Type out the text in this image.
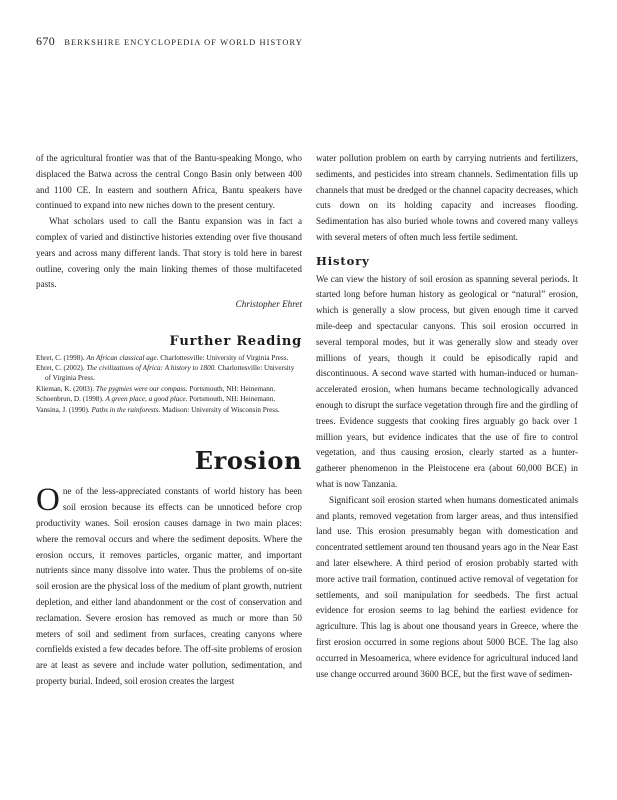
670 BERKSHIRE ENCYCLOPEDIA OF WORLD HISTORY

of the agricultural frontier was that of the Bantu-speaking Mongo, who displaced the Batwa across the central Congo Basin only between 400 and 1100 CE. In eastern and southern Africa, Bantu speakers have continued to expand into new niches down to the present century.

What scholars used to call the Bantu expansion was in fact a complex of varied and distinctive histories extending over five thousand years and across many different lands. That story is told here in barest outline, covering only the main linking themes of those multifaceted pasts.

Christopher Ehret

Further Reading
Ehret, C. (1998). An African classical age. Charlottesville: University of Virginia Press.
Ehret, C. (2002). The civilizations of Africa: A history to 1800. Charlottesville: University of Virginia Press.
Klieman, K. (2003). The pygmies were our compass. Portsmouth, NH: Heinemann.
Schoenbrun, D. (1998). A green place, a good place. Portsmouth, NH: Heinemann.
Vansina, J. (1990). Paths in the rainforests. Madison: University of Wisconsin Press.
Erosion

One of the less-appreciated constants of world history has been soil erosion because its effects can be unnoticed before crop productivity wanes. Soil erosion causes damage in two main places: where the removal occurs and where the sediment deposits. Where the erosion occurs, it removes particles, organic matter, and important nutrients since many dissolve into water. Thus the problems of on-site soil erosion are the physical loss of the medium of plant growth, nutrient depletion, and either land abandonment or the cost of conservation and reclamation. Severe erosion has removed as much or more than 50 meters of soil and sediment from surfaces, creating canyons where cornfields existed a few decades before. The off-site problems of erosion are at least as severe and include water pollution, sedimentation, and property burial. Indeed, soil erosion creates the largest

water pollution problem on earth by carrying nutrients and fertilizers, sediments, and pesticides into stream channels. Sedimentation fills up channels that must be dredged or the channel capacity decreases, which cuts down on its holding capacity and increases flooding. Sedimentation has also buried whole towns and covered many valleys with several meters of often much less fertile sediment.

History

We can view the history of soil erosion as spanning several periods. It started long before human history as geological or “natural” erosion, which is generally a slow process, but given enough time it carved mile-deep and spectacular canyons. This soil erosion occurred in several temporal modes, but it was generally slow and steady over millions of years, though it could be episodically rapid and discontinuous. A second wave started with human-induced or human-accelerated erosion, when humans became technologically advanced enough to disrupt the surface vegetation through fire and the girdling of trees. Evidence suggests that cooking fires arguably go back over 1 million years, but evidence indicates that the use of fire to control vegetation, and thus causing erosion, clearly started as a hunter-gatherer phenomenon in the Pleistocene era (about 60,000 BCE) in what is now Tanzania.

Significant soil erosion started when humans domesticated animals and plants, removed vegetation from larger areas, and thus intensified land use. This erosion presumably began with domestication and concentrated settlement around ten thousand years ago in the Near East and later elsewhere. A third period of erosion probably started with more active trail formation, continued active removal of vegetation for settlements, and soil manipulation for seedbeds. The first actual evidence for erosion seems to lag behind the earliest evidence for agriculture. This lag is about one thousand years in Greece, where the first erosion occurred in some regions about 5000 BCE. The lag also occurred in Mesoamerica, where evidence for agricultural induced land use change occurred around 3600 BCE, but the first wave of sedimen-
